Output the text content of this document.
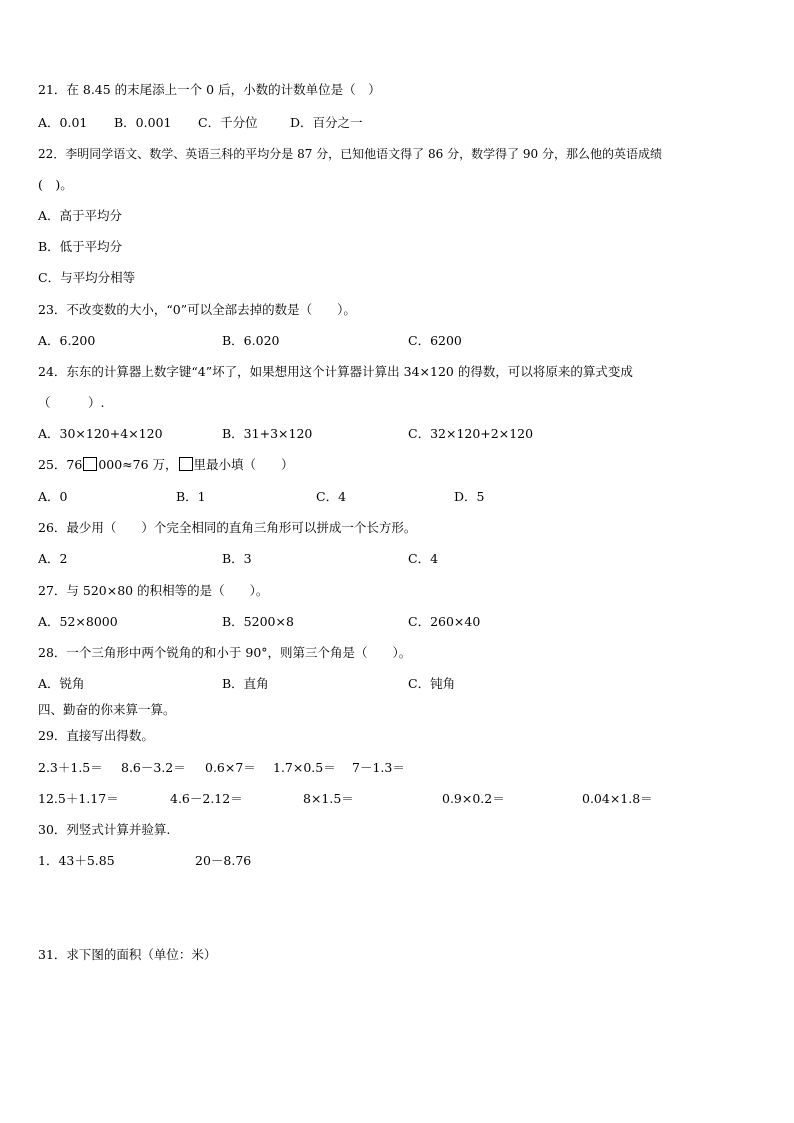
21．在 8.45 的末尾添上一个 0 后，小数的计数单位是（　）
A．0.01 B．0.001 C．千分位	D．百分之一
22．李明同学语文、数学、英语三科的平均分是 87 分，已知他语文得了 86 分，数学得了 90 分，那么他的英语成绩
(　)。
A．高于平均分
B．低于平均分
C．与平均分相等
23．不改变数的大小，“0”可以全部去掉的数是（　　）。
A．6.200	B．6.020	C．6200
24．东东的计算器上数字键“4”坏了，如果想用这个计算器计算出 34×120 的得数，可以将原来的算式变成
（　　　）.
A．30×120+4×120	B．31+3×120	C．32×120+2×120
25．76 000≈76 万， 里最小填（　　）
A．0	B．1	C．4	D．5
26．最少用（　　）个完全相同的直角三角形可以拼成一个长方形。
A．2	B．3	C．4
27．与 520×80 的积相等的是（　　）。
A．52×8000	B．5200×8	C．260×40
28．一个三角形中两个锐角的和小于 90°，则第三个角是（　　）。
A．锐角	B．直角	C．钝角
四、勤奋的你来算一算。
29．直接写出得数。
2.3＋1.5＝ 8.6－3.2＝ 0.6×7＝ 1.7×0.5＝ 7－1.3＝
12.5＋1.17＝	4.6－2.12＝	8×1.5＝	0.9×0.2＝	0.04×1.8＝
30．列竖式计算并验算.
1．43＋5.85	20－8.76
31．求下图的面积（单位：米）
